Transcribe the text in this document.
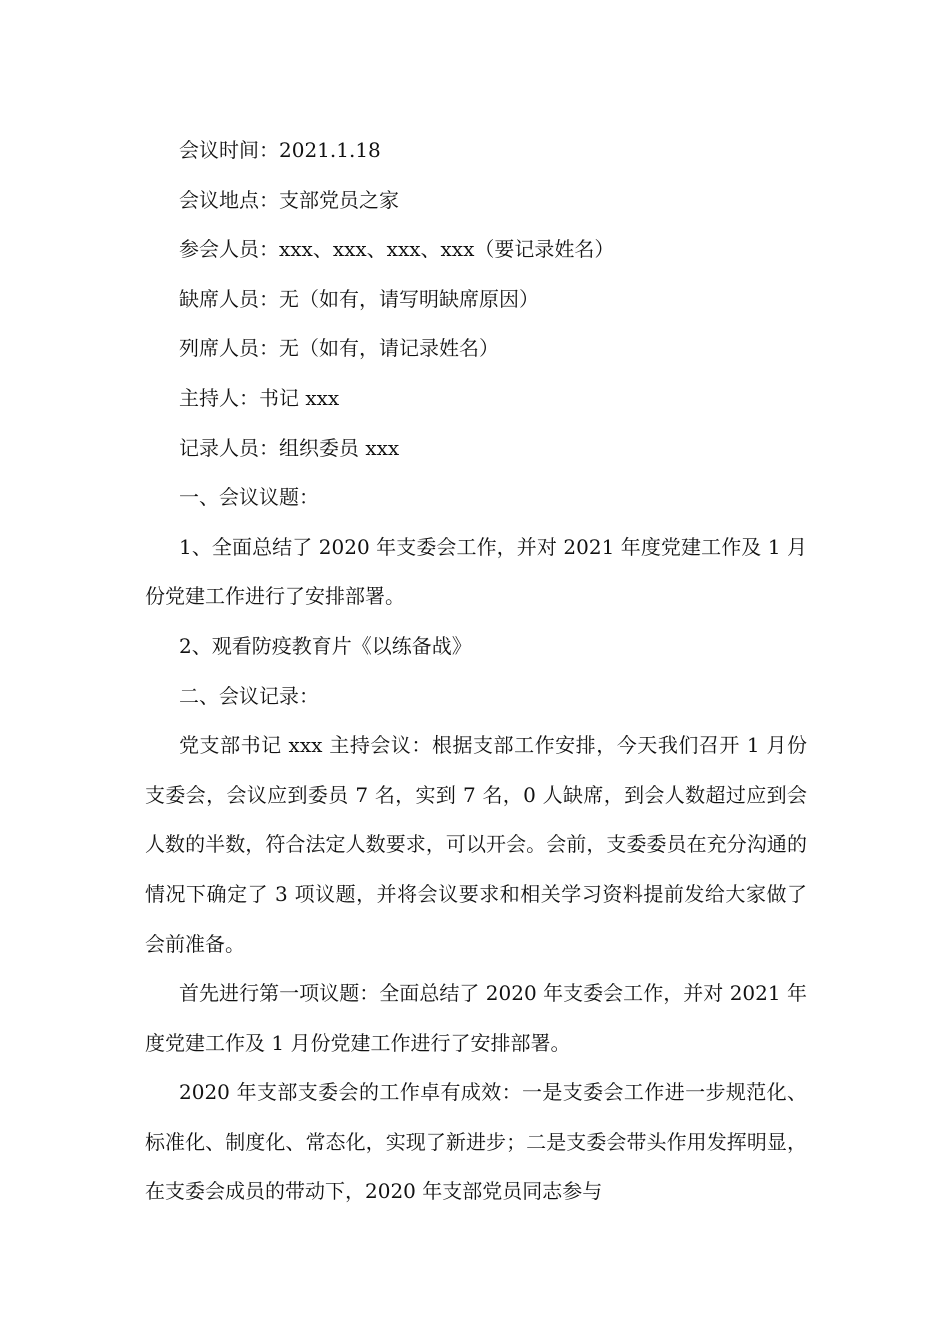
会议时间：2021.1.18

会议地点：支部党员之家

参会人员：xxx、xxx、xxx、xxx（要记录姓名）

缺席人员：无（如有，请写明缺席原因）

列席人员：无（如有，请记录姓名）

主持人：书记 xxx

记录人员：组织委员 xxx

一、会议议题：

1、全面总结了 2020 年支委会工作，并对 2021 年度党建工作及 1 月份党建工作进行了安排部署。

2、观看防疫教育片《以练备战》

二、会议记录：

党支部书记 xxx 主持会议：根据支部工作安排，今天我们召开 1 月份支委会，会议应到委员 7 名，实到 7 名，0 人缺席，到会人数超过应到会人数的半数，符合法定人数要求，可以开会。会前，支委委员在充分沟通的情况下确定了 3 项议题，并将会议要求和相关学习资料提前发给大家做了会前准备。

首先进行第一项议题：全面总结了 2020 年支委会工作，并对 2021 年度党建工作及 1 月份党建工作进行了安排部署。

2020 年支部支委会的工作卓有成效：一是支委会工作进一步规范化、标准化、制度化、常态化，实现了新进步；二是支委会带头作用发挥明显，在支委会成员的带动下，2020 年支部党员同志参与
